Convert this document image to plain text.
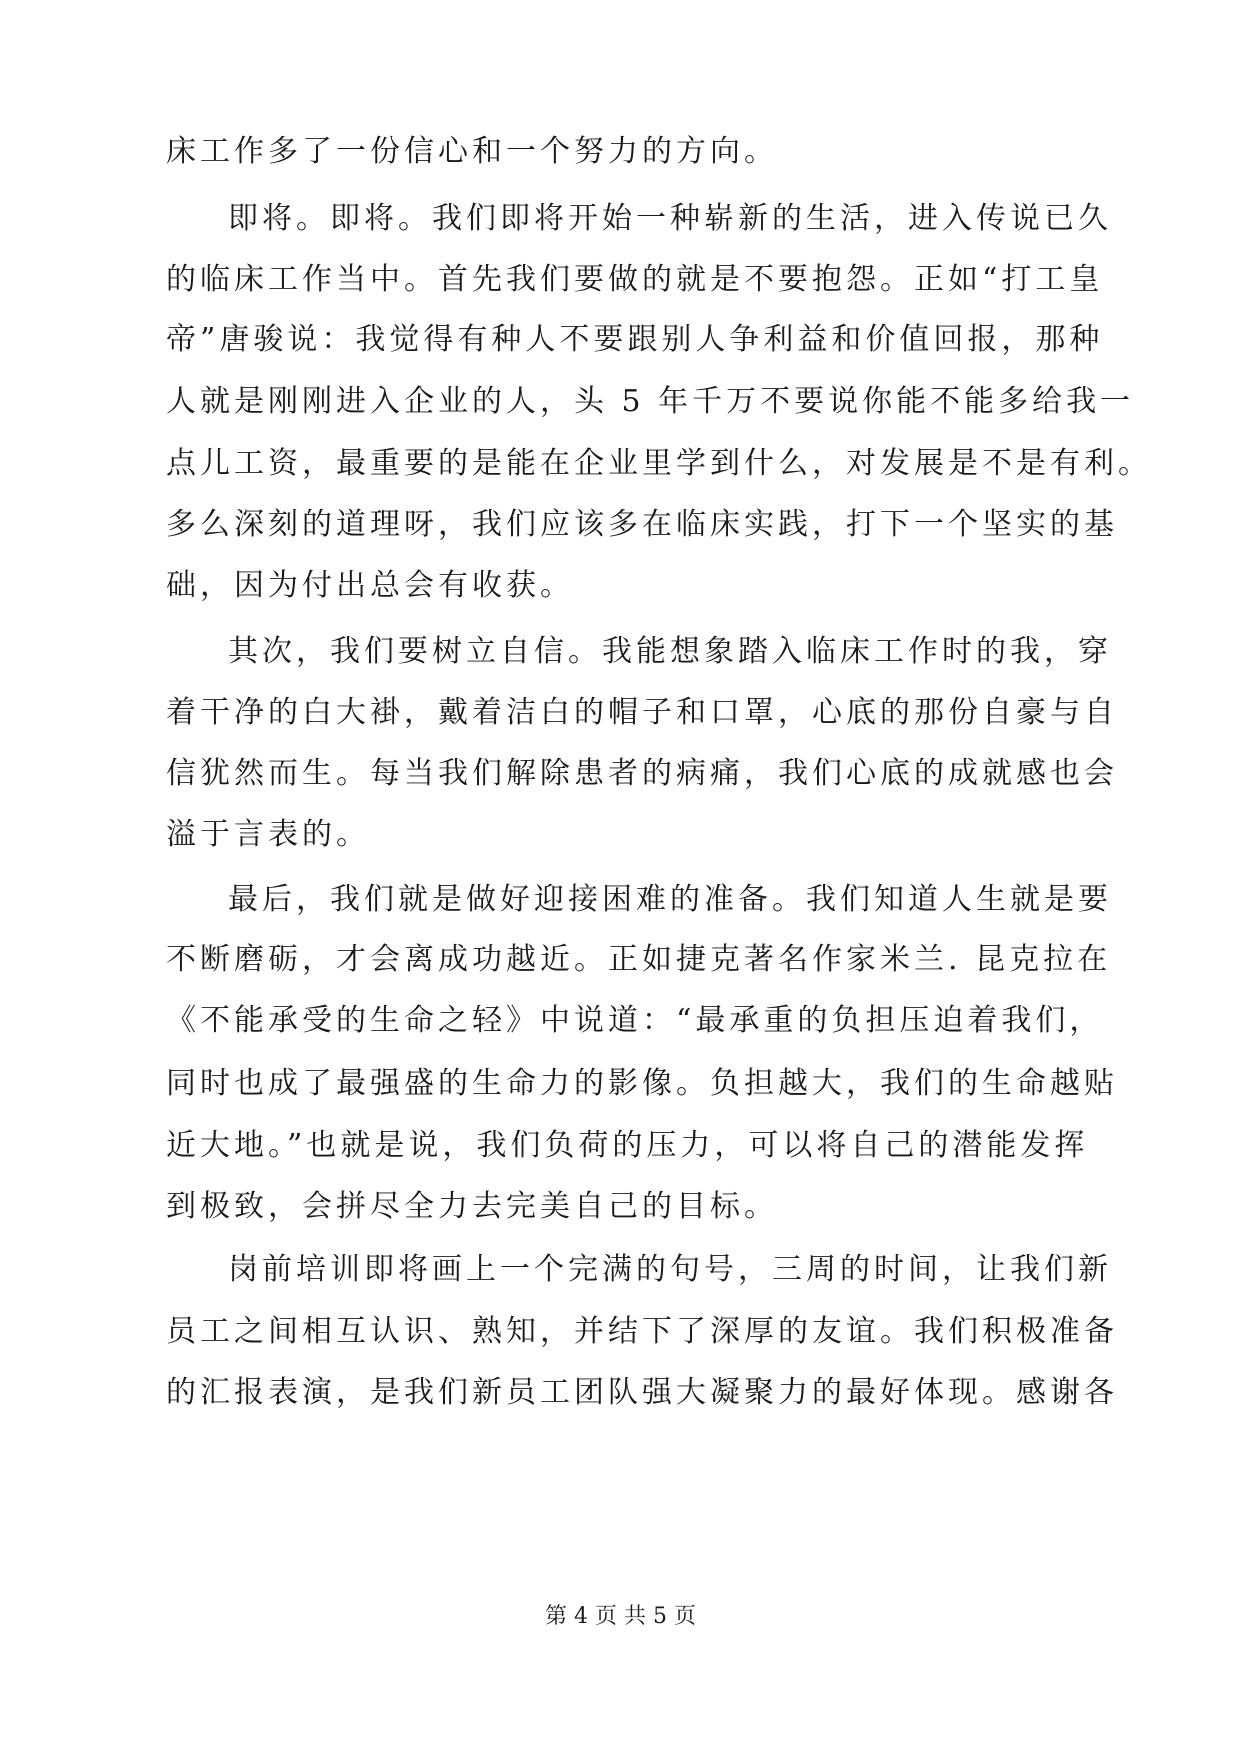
床工作多了一份信心和一个努力的方向。
即将。即将。我们即将开始一种崭新的生活，进入传说已久
的临床工作当中。首先我们要做的就是不要抱怨。正如“打工皇
帝”唐骏说：我觉得有种人不要跟别人争利益和价值回报，那种
人就是刚刚进入企业的人，头 5 年千万不要说你能不能多给我一
点儿工资，最重要的是能在企业里学到什么，对发展是不是有利。
多么深刻的道理呀，我们应该多在临床实践，打下一个坚实的基
础，因为付出总会有收获。
其次，我们要树立自信。我能想象踏入临床工作时的我，穿
着干净的白大褂，戴着洁白的帽子和口罩，心底的那份自豪与自
信犹然而生。每当我们解除患者的病痛，我们心底的成就感也会
溢于言表的。
最后，我们就是做好迎接困难的准备。我们知道人生就是要
不断磨砺，才会离成功越近。正如捷克著名作家米兰. 昆克拉在
《不能承受的生命之轻》中说道：“最承重的负担压迫着我们，
同时也成了最强盛的生命力的影像。负担越大，我们的生命越贴
近大地。”也就是说，我们负荷的压力，可以将自己的潜能发挥
到极致，会拼尽全力去完美自己的目标。
岗前培训即将画上一个完满的句号，三周的时间，让我们新
员工之间相互认识、熟知，并结下了深厚的友谊。我们积极准备
的汇报表演，是我们新员工团队强大凝聚力的最好体现。感谢各
第 4 页 共 5 页
